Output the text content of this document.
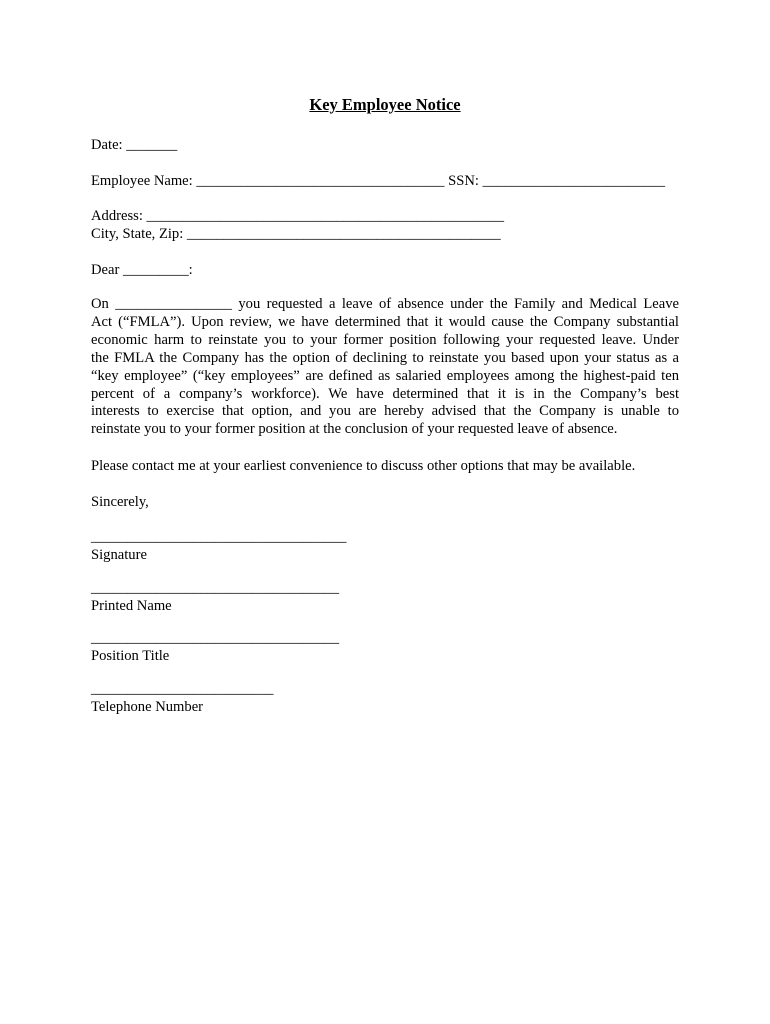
Key Employee Notice
Date: _______
Employee Name: __________________________________ SSN: _________________________
Address: _________________________________________________
City, State, Zip: ___________________________________________
Dear _________:
On ________________ you requested a leave of absence under the Family and Medical Leave
Act (“FMLA”). Upon review, we have determined that it would cause the Company substantial
economic harm to reinstate you to your former position following your requested leave. Under
the FMLA the Company has the option of declining to reinstate you based upon your status as a
“key employee” (“key employees” are defined as salaried employees among the highest-paid ten
percent of a company’s workforce). We have determined that it is in the Company’s best
interests to exercise that option, and you are hereby advised that the Company is unable to
reinstate you to your former position at the conclusion of your requested leave of absence.
Please contact me at your earliest convenience to discuss other options that may be available.
Sincerely,
___________________________________
Signature
__________________________________
Printed Name
__________________________________
Position Title
_________________________
Telephone Number
